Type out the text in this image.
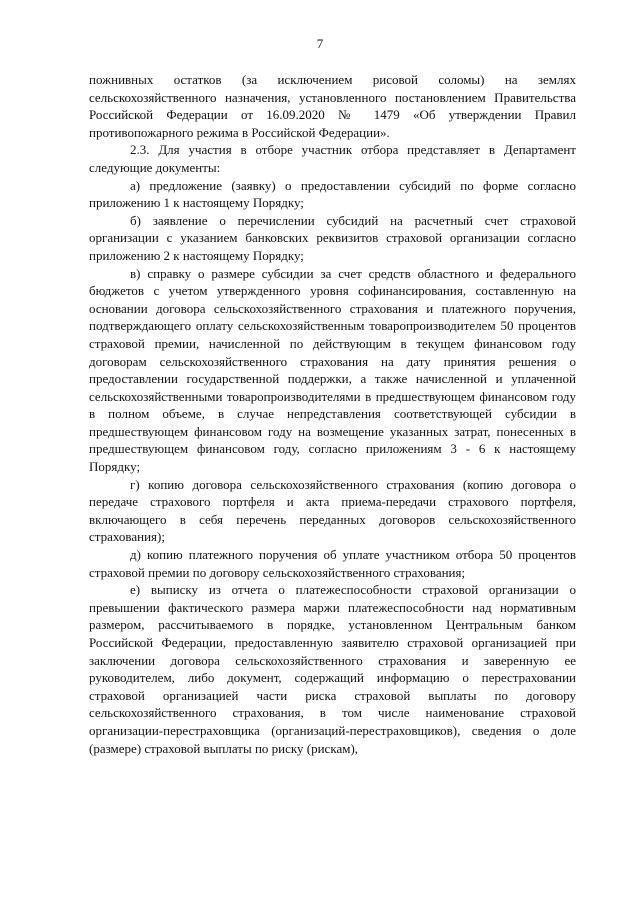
7

пожнивных остатков (за исключением рисовой соломы) на землях сельскохозяйственного назначения, установленного постановлением Правительства Российской Федерации от 16.09.2020 № 1479 «Об утверждении Правил противопожарного режима в Российской Федерации».

2.3. Для участия в отборе участник отбора представляет в Департамент следующие документы:

а) предложение (заявку) о предоставлении субсидий по форме согласно приложению 1 к настоящему Порядку;

б) заявление о перечислении субсидий на расчетный счет страховой организации с указанием банковских реквизитов страховой организации согласно приложению 2 к настоящему Порядку;

в) справку о размере субсидии за счет средств областного и федерального бюджетов с учетом утвержденного уровня софинансирования, составленную на основании договора сельскохозяйственного страхования и платежного поручения, подтверждающего оплату сельскохозяйственным товаропроизводителем 50 процентов страховой премии, начисленной по действующим в текущем финансовом году договорам сельскохозяйственного страхования на дату принятия решения о предоставлении государственной поддержки, а также начисленной и уплаченной сельскохозяйственными товаропроизводителями в предшествующем финансовом году в полном объеме, в случае непредставления соответствующей субсидии в предшествующем финансовом году на возмещение указанных затрат, понесенных в предшествующем финансовом году, согласно приложениям 3 - 6 к настоящему Порядку;

г) копию договора сельскохозяйственного страхования (копию договора о передаче страхового портфеля и акта приема-передачи страхового портфеля, включающего в себя перечень переданных договоров сельскохозяйственного страхования);

д) копию платежного поручения об уплате участником отбора 50 процентов страховой премии по договору сельскохозяйственного страхования;

е) выписку из отчета о платежеспособности страховой организации о превышении фактического размера маржи платежеспособности над нормативным размером, рассчитываемого в порядке, установленном Центральным банком Российской Федерации, предоставленную заявителю страховой организацией при заключении договора сельскохозяйственного страхования и заверенную ее руководителем, либо документ, содержащий информацию о перестраховании страховой организацией части риска страховой выплаты по договору сельскохозяйственного страхования, в том числе наименование страховой организации-перестраховщика (организаций-перестраховщиков), сведения о доле (размере) страховой выплаты по риску (рискам),
